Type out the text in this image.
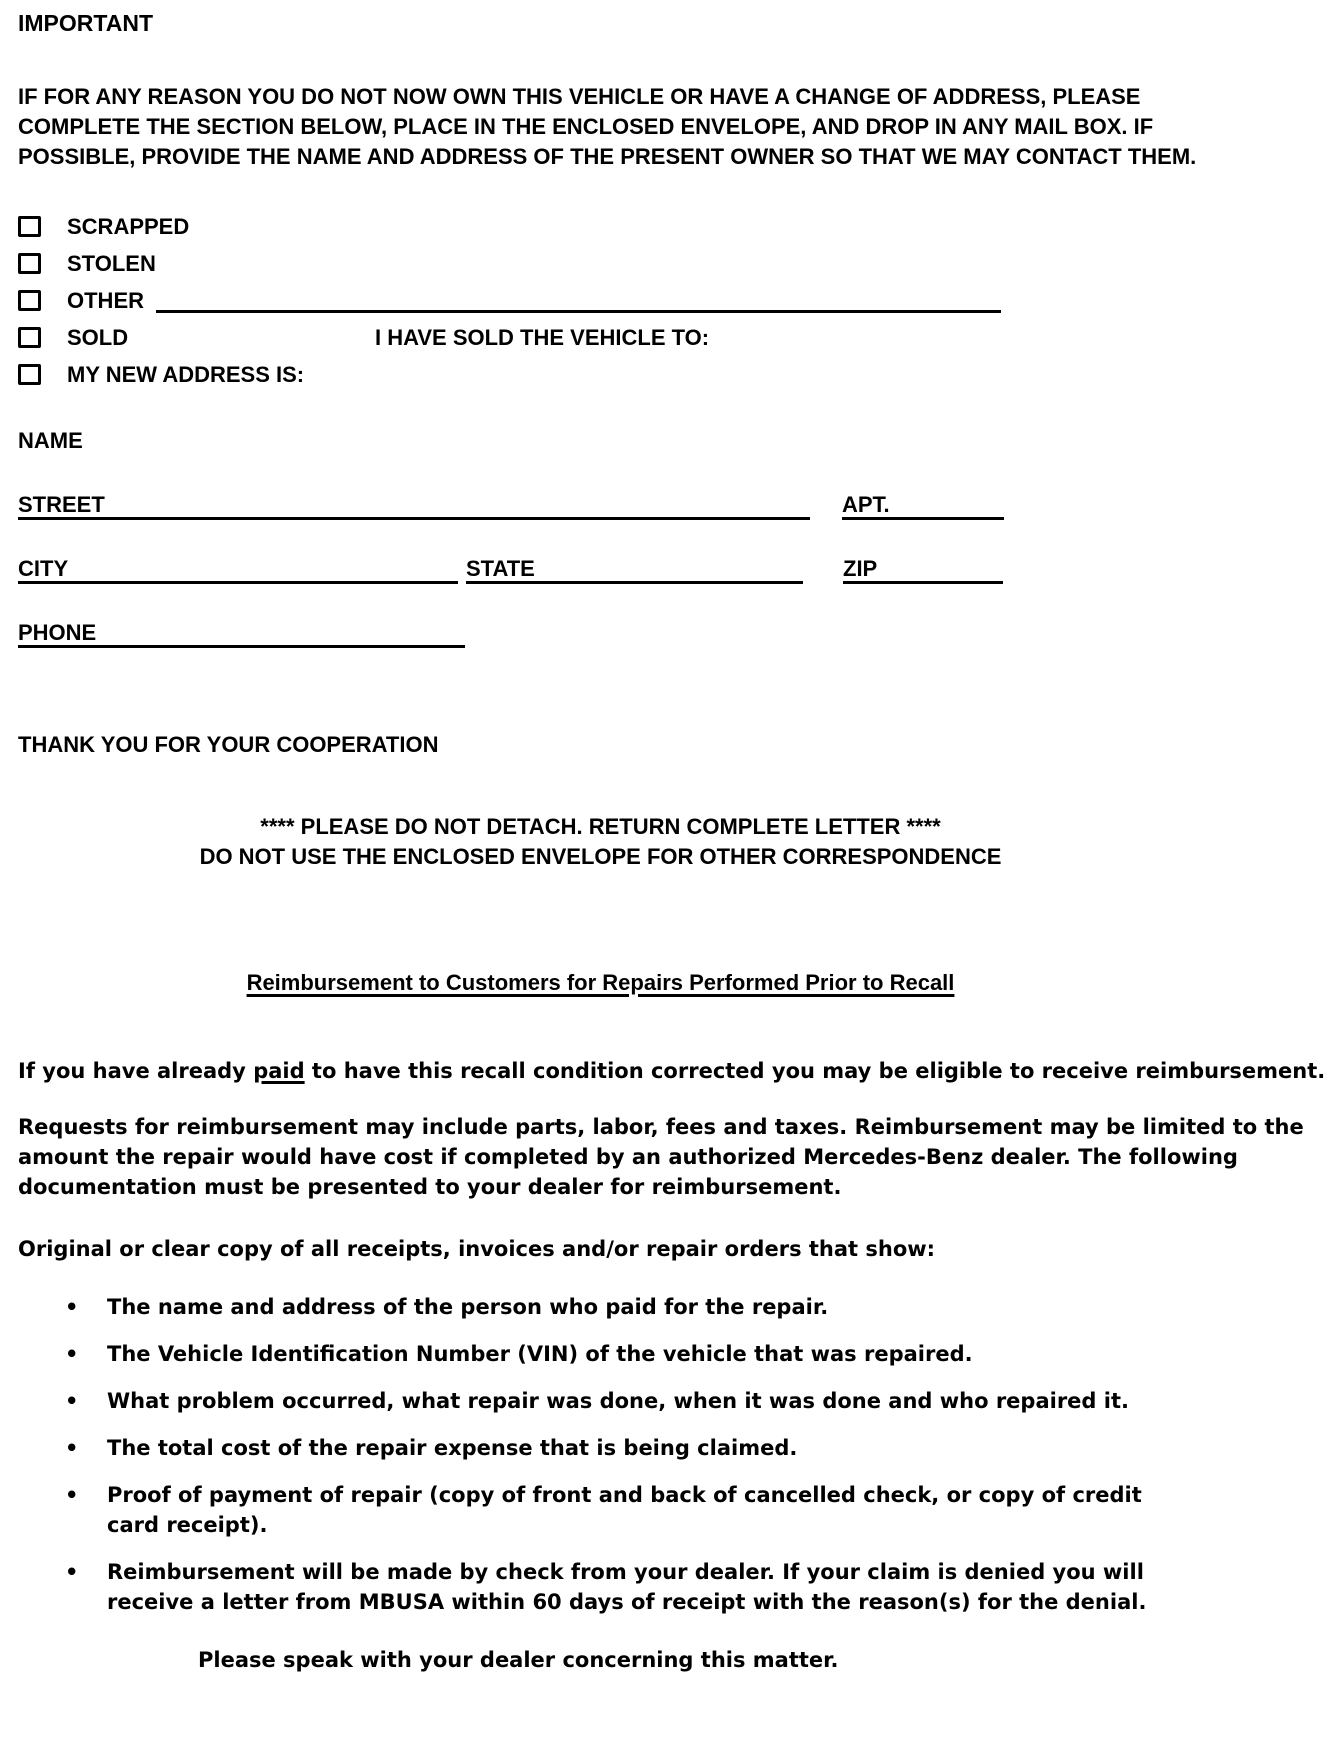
IMPORTANT
IF FOR ANY REASON YOU DO NOT NOW OWN THIS VEHICLE OR HAVE A CHANGE OF ADDRESS, PLEASE COMPLETE THE SECTION BELOW, PLACE IN THE ENCLOSED ENVELOPE, AND DROP IN ANY MAIL BOX. IF POSSIBLE, PROVIDE THE NAME AND ADDRESS OF THE PRESENT OWNER SO THAT WE MAY CONTACT THEM.
SCRAPPED
STOLEN
OTHER
SOLD	I HAVE SOLD THE VEHICLE TO:
MY NEW ADDRESS IS:
NAME
STREET	APT.
CITY	STATE	ZIP
PHONE
THANK YOU FOR YOUR COOPERATION

**** PLEASE DO NOT DETACH. RETURN COMPLETE LETTER ****

DO NOT USE THE ENCLOSED ENVELOPE FOR OTHER CORRESPONDENCE

Reimbursement to Customers for Repairs Performed Prior to Recall

If you have already paid to have this recall condition corrected you may be eligible to receive reimbursement.

Requests for reimbursement may include parts, labor, fees and taxes. Reimbursement may be limited to the amount the repair would have cost if completed by an authorized Mercedes-Benz dealer. The following documentation must be presented to your dealer for reimbursement.

Original or clear copy of all receipts, invoices and/or repair orders that show:

•	The name and address of the person who paid for the repair.
•	The Vehicle Identification Number (VIN) of the vehicle that was repaired.
•	What problem occurred, what repair was done, when it was done and who repaired it.
•	The total cost of the repair expense that is being claimed.
•	Proof of payment of repair (copy of front and back of cancelled check, or copy of credit card receipt).
•	Reimbursement will be made by check from your dealer. If your claim is denied you will receive a letter from MBUSA within 60 days of receipt with the reason(s) for the denial.

Please speak with your dealer concerning this matter.
